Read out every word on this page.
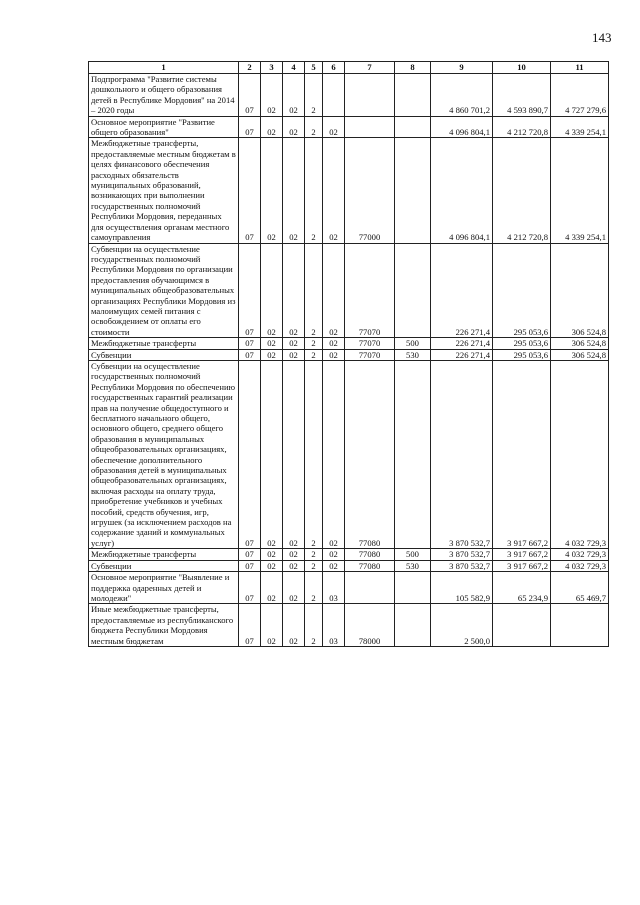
143
1	2	3	4	5	6	7	8	9	10	11
Подпрограмма "Развитие системы дошкольного и общего образования детей в Республике Мордовия" на 2014 – 2020 годы	07	02	02	2				4 860 701,2	4 593 890,7	4 727 279,6
Основное мероприятие "Развитие общего образования"	07	02	02	2	02			4 096 804,1	4 212 720,8	4 339 254,1
Межбюджетные трансферты, предоставляемые местным бюджетам в целях финансового обеспечения расходных обязательств муниципальных образований, возникающих при выполнении государственных полномочий Республики Мордовия, переданных для осуществления органам местного самоуправления	07	02	02	2	02	77000		4 096 804,1	4 212 720,8	4 339 254,1
Субвенции на осуществление государственных полномочий Республики Мордовия по организации предоставления обучающимся в муниципальных общеобразовательных организациях Республики Мордовия из малоимущих семей питания с освобождением от оплаты его стоимости	07	02	02	2	02	77070		226 271,4	295 053,6	306 524,8
Межбюджетные трансферты	07	02	02	2	02	77070	500	226 271,4	295 053,6	306 524,8
Субвенции	07	02	02	2	02	77070	530	226 271,4	295 053,6	306 524,8
Субвенции на осуществление государственных полномочий Республики Мордовия по обеспечению государственных гарантий реализации прав на получение общедоступного и бесплатного начального общего, основного общего, среднего общего образования в муниципальных общеобразовательных организациях, обеспечение дополнительного образования детей в муниципальных общеобразовательных организациях, включая расходы на оплату труда, приобретение учебников и учебных пособий, средств обучения, игр, игрушек (за исключением расходов на содержание зданий и коммунальных услуг)	07	02	02	2	02	77080		3 870 532,7	3 917 667,2	4 032 729,3
Межбюджетные трансферты	07	02	02	2	02	77080	500	3 870 532,7	3 917 667,2	4 032 729,3
Субвенции	07	02	02	2	02	77080	530	3 870 532,7	3 917 667,2	4 032 729,3
Основное мероприятие "Выявление и поддержка одаренных детей и молодежи"	07	02	02	2	03			105 582,9	65 234,9	65 469,7
Иные межбюджетные трансферты, предоставляемые из республиканского бюджета Республики Мордовия местным бюджетам	07	02	02	2	03	78000		2 500,0		
